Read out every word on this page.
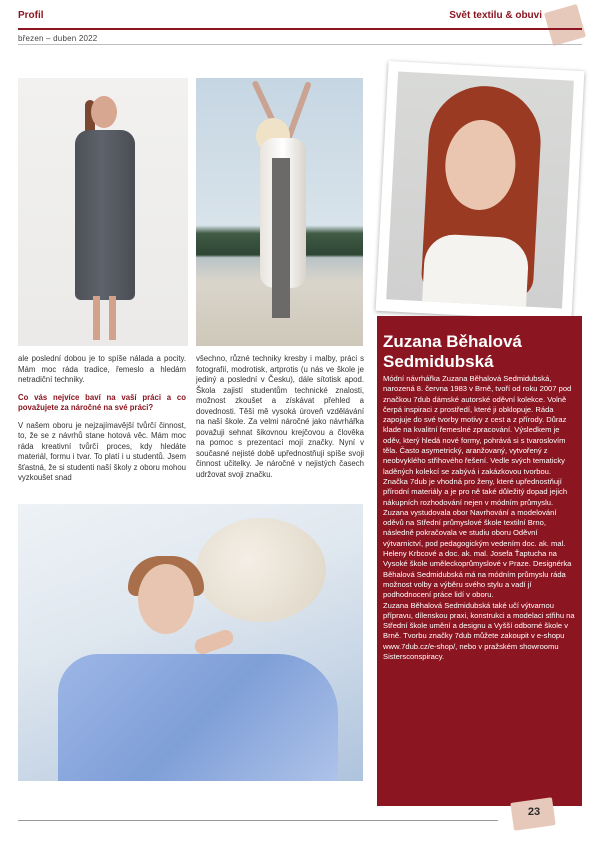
Profil	Svět textilu & obuvi
březen – duben 2022
Zuzana Běhalová
Sedmidubská

Módní návrhářka Zuzana Běhalová Sedmidubská, narozená 8. června 1983 v Brně, tvoří od roku 2007 pod značkou 7dub dámské autorské oděvní kolekce. Volně čerpá inspiraci z prostředí, které ji obklopuje. Ráda zapojuje do své tvorby motivy z cest a z přírody. Důraz klade na kvalitní řemeslné zpracování. Výsledkem je oděv, který hledá nové formy, pohrává si s tvaroslovím těla. Často asymetrický, aranžovaný, vytvořený z neobvyklého střihového řešení. Vedle svých tematicky laděných kolekcí se zabývá i zakázkovou tvorbou. Značka 7dub je vhodná pro ženy, které upřednostňují přírodní materiály a je pro ně také důležitý dopad jejich nákupních rozhodování nejen v módním průmyslu.

Zuzana vystudovala obor Navrhování a modelování oděvů na Střední průmyslové škole textilní Brno, následně pokračovala ve studiu oboru Oděvní výtvarnictví, pod pedagogickým vedením doc. ak. mal. Heleny Krbcové a doc. ak. mal. Josefa Ťaptucha na Vysoké škole uměleckoprůmyslové v Praze. Designérka Běhalová Sedmidubská má na módním průmyslu ráda možnost volby a výběru svého stylu a vadí jí podhodnocení práce lidí v oboru.

Zuzana Běhalová Sedmidubská také učí výtvarnou přípravu, dílenskou praxi, konstrukci a modelaci střihu na Střední škole umění a designu a Vyšší odborné škole v Brně. Tvorbu značky 7dub můžete zakoupit v e-shopu www.7dub.cz/e-shop/, nebo v pražském showroomu Sistersconspiracy.

ale poslední dobou je to spíše nálada a pocity. Mám moc ráda tradice, řemeslo a hledám netradiční techniky.

Co vás nejvíce baví na vaší práci a co považujete za náročné na své práci?

V našem oboru je nejzajímavější tvůrčí činnost, to, že se z návrhů stane hotová věc. Mám moc ráda kreativní tvůrčí proces, kdy hledáte materiál, formu i tvar. To platí i u studentů. Jsem šťastná, že si studenti naší školy z oboru mohou vyzkoušet snad

všechno, různé techniky kresby i malby, práci s fotografií, modrotisk, artprotis (u nás ve škole je jediný a poslední v Česku), dále sítotisk apod. Škola zajistí studentům technické znalosti, možnost zkoušet a získávat přehled a dovednosti. Těší mě vysoká úroveň vzdělávání na naší škole. Za velmi náročné jako návrhářka považuji sehnat šikovnou krejčovou a člověka na pomoc s prezentací mojí značky. Nyní v současné nejisté době upřednostňuji spíše svoji činnost učitelky. Je náročné v nejistých časech udržovat svoji značku.

23
